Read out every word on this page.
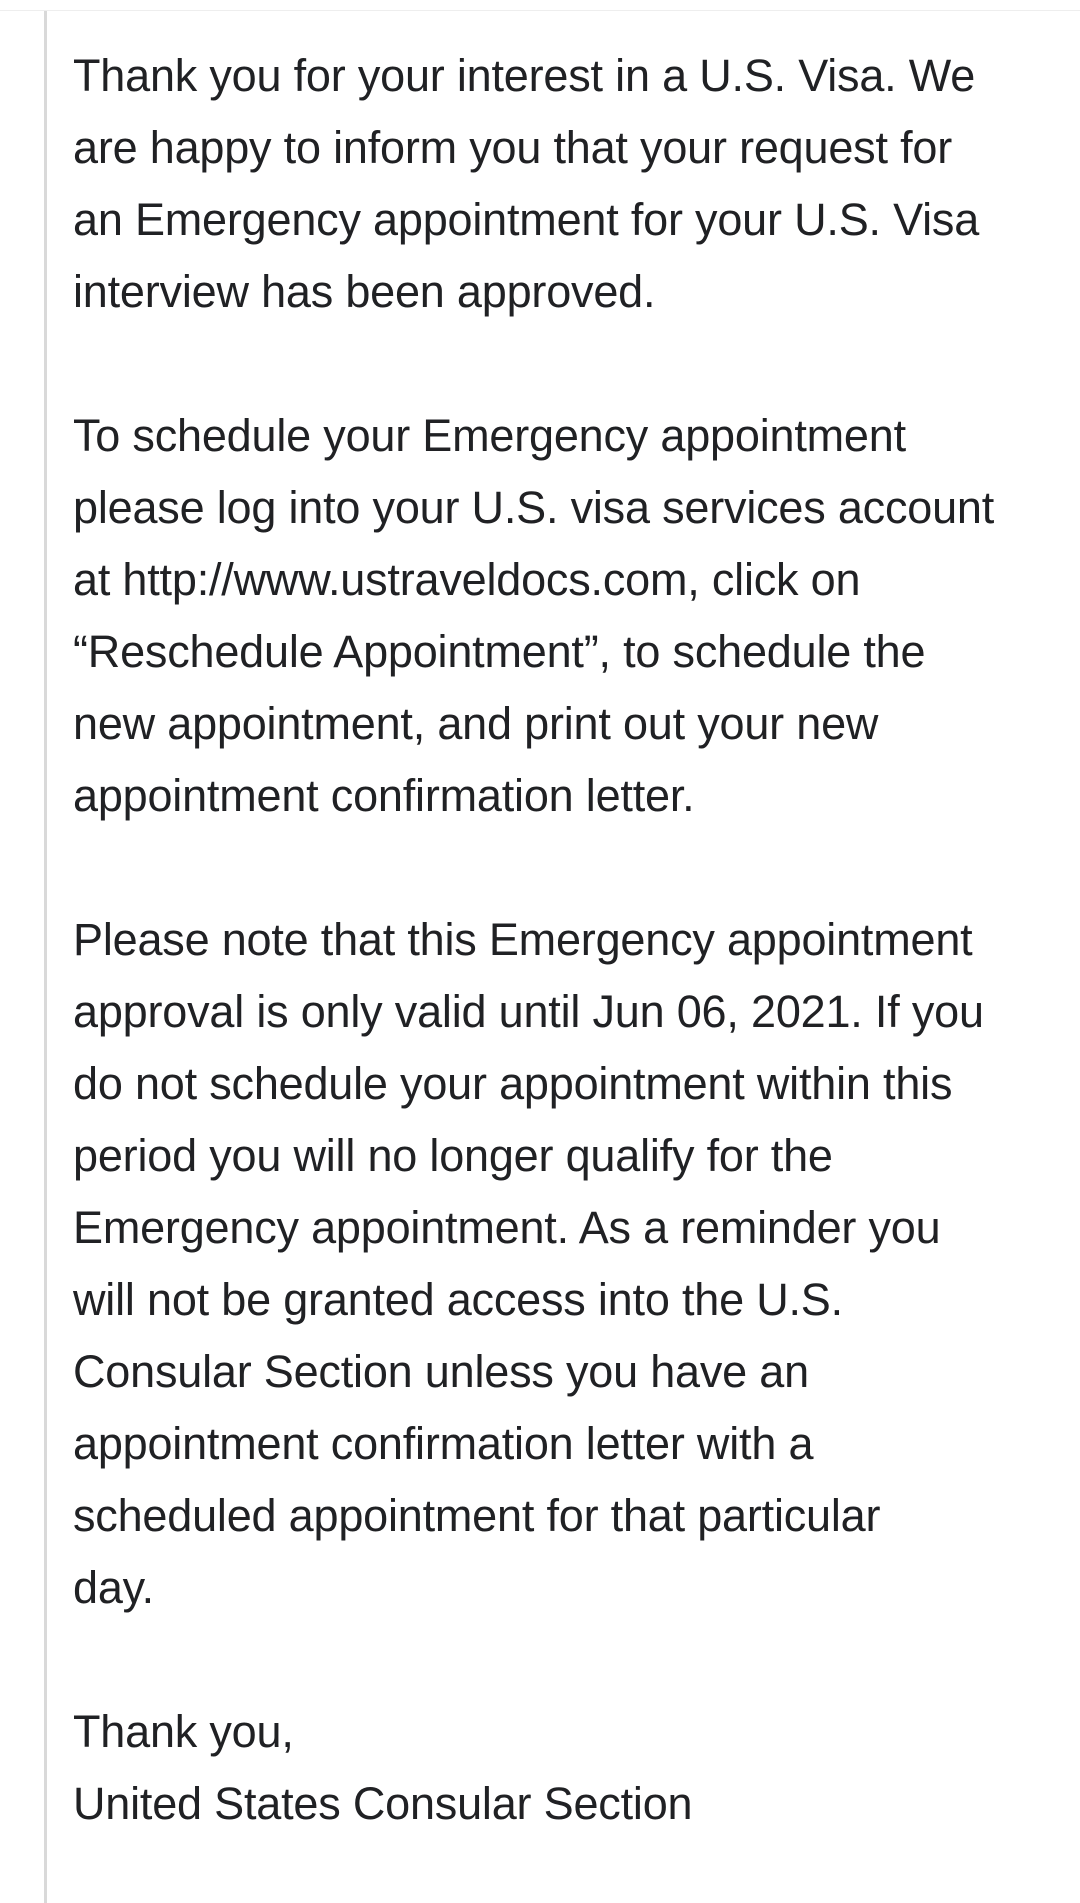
Thank you for your interest in a U.S. Visa. We
are happy to inform you that your request for
an Emergency appointment for your U.S. Visa
interview has been approved.

To schedule your Emergency appointment
please log into your U.S. visa services account
at http://www.ustraveldocs.com, click on
“Reschedule Appointment”, to schedule the
new appointment, and print out your new
appointment confirmation letter.

Please note that this Emergency appointment
approval is only valid until Jun 06, 2021. If you
do not schedule your appointment within this
period you will no longer qualify for the
Emergency appointment. As a reminder you
will not be granted access into the U.S.
Consular Section unless you have an
appointment confirmation letter with a
scheduled appointment for that particular
day.

Thank you,
United States Consular Section
